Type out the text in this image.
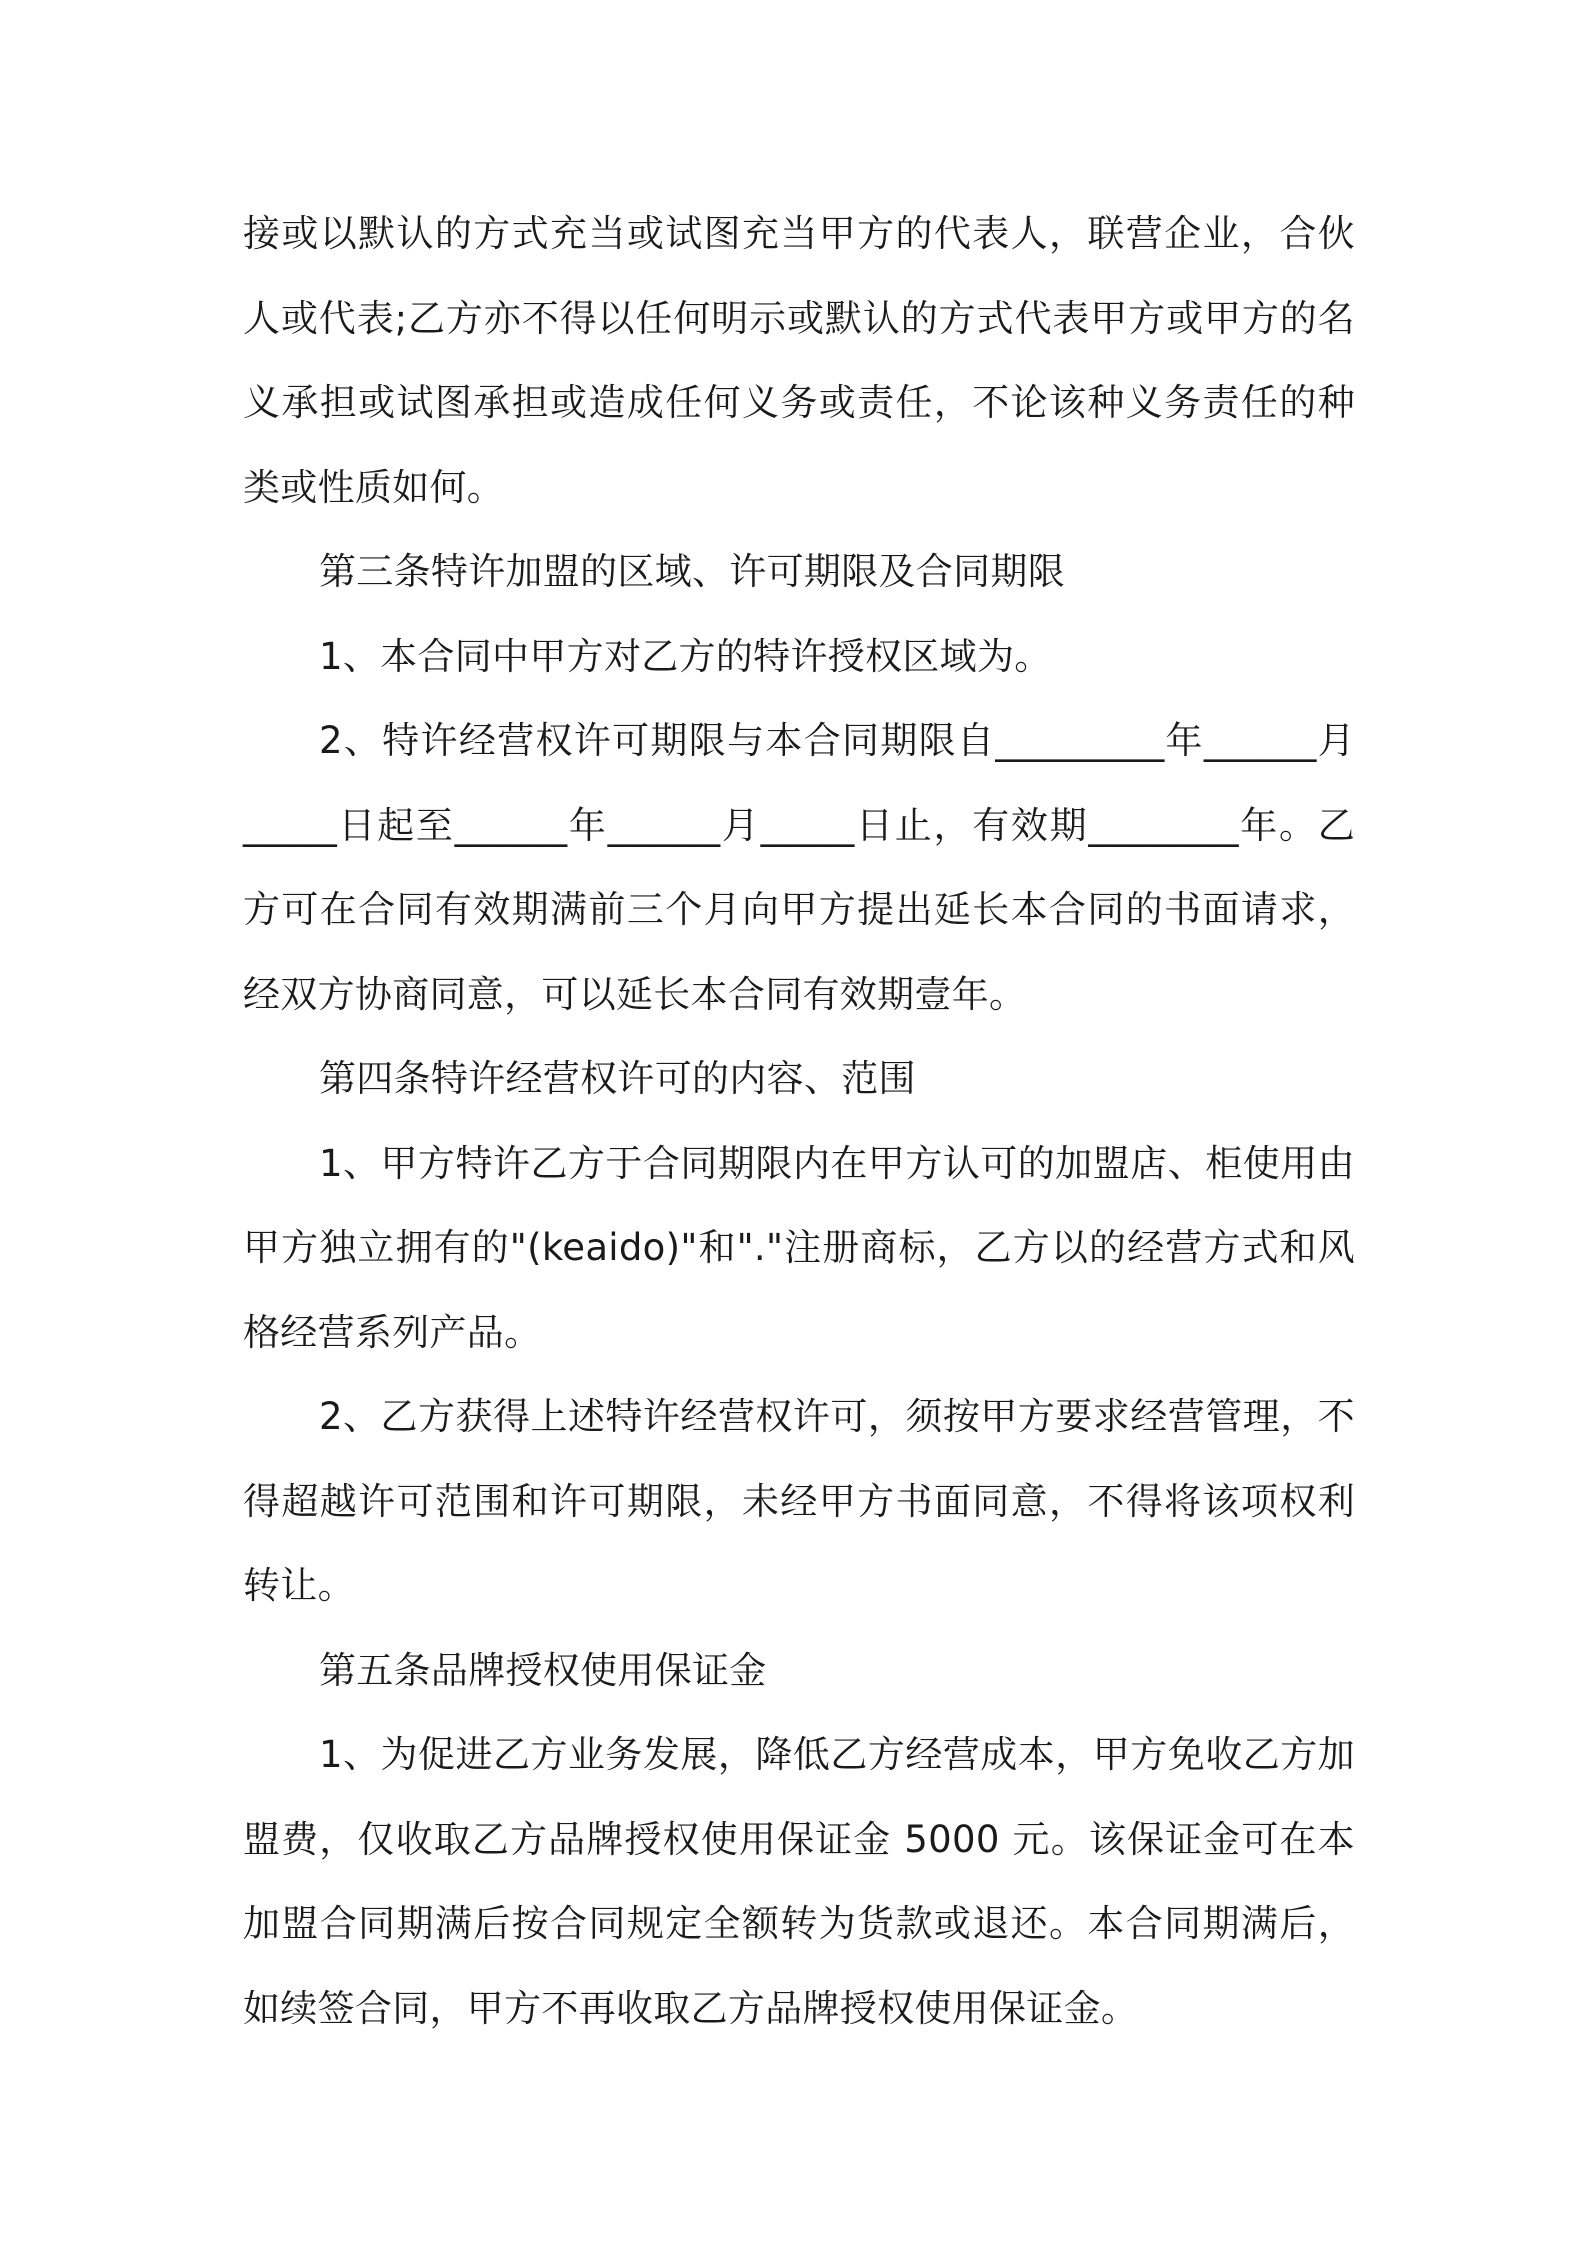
接或以默认的方式充当或试图充当甲方的代表人，联营企业，合伙人或代表;乙方亦不得以任何明示或默认的方式代表甲方或甲方的名义承担或试图承担或造成任何义务或责任，不论该种义务责任的种类或性质如何。

第三条特许加盟的区域、许可期限及合同期限

1、本合同中甲方对乙方的特许授权区域为。

2、特许经营权许可期限与本合同期限自_________年______月_____日起至______年______月_____日止，有效期________年。乙方可在合同有效期满前三个月向甲方提出延长本合同的书面请求，经双方协商同意，可以延长本合同有效期壹年。

第四条特许经营权许可的内容、范围

1、甲方特许乙方于合同期限内在甲方认可的加盟店、柜使用由甲方独立拥有的"(keaido)"和"."注册商标，乙方以的经营方式和风格经营系列产品。

2、乙方获得上述特许经营权许可，须按甲方要求经营管理，不得超越许可范围和许可期限，未经甲方书面同意，不得将该项权利转让。

第五条品牌授权使用保证金

1、为促进乙方业务发展，降低乙方经营成本，甲方免收乙方加盟费，仅收取乙方品牌授权使用保证金 5000 元。该保证金可在本加盟合同期满后按合同规定全额转为货款或退还。本合同期满后，如续签合同，甲方不再收取乙方品牌授权使用保证金。
